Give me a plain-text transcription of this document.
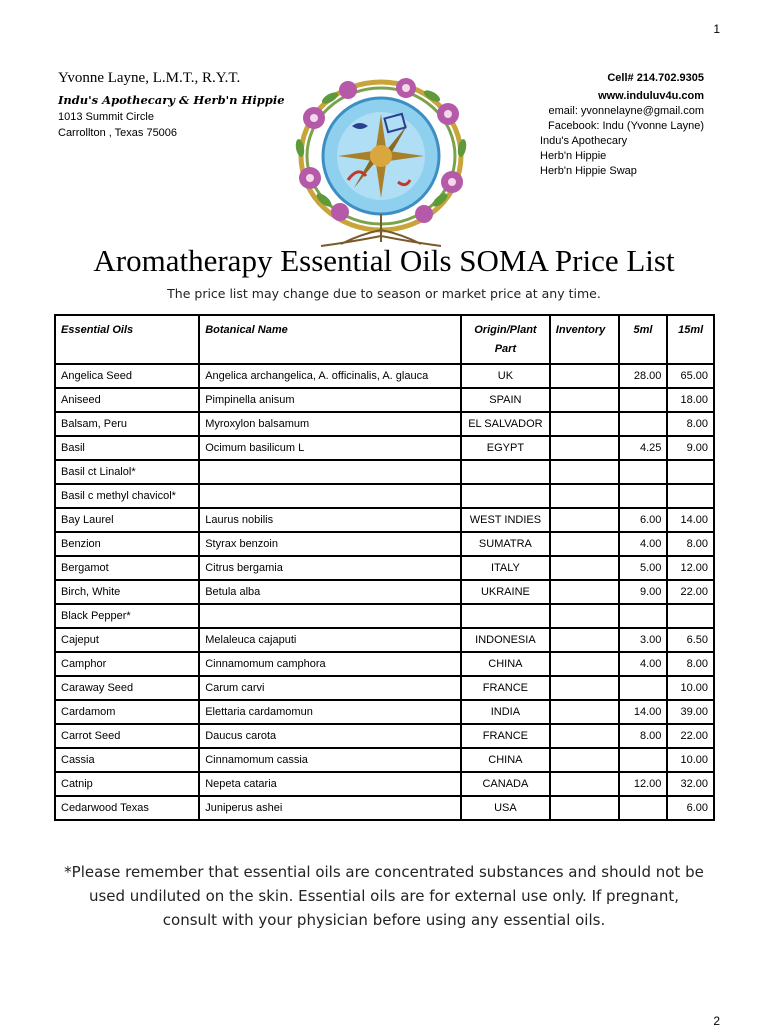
1
Yvonne Layne, L.M.T., R.Y.T.
Indu's Apothecary & Herb'n Hippie
1013 Summit Circle
Carrollton , Texas 75006
Cell# 214.702.9305
www.induluv4u.com
email: yvonnelayne@gmail.com
Facebook: Indu (Yvonne Layne)
Indu's Apothecary
Herb'n Hippie
Herb'n Hippie Swap
Aromatherapy Essential Oils SOMA Price List
The price list may change due to season or market price at any time.
Essential Oils	Botanical Name	Origin/Plant Part	Inventory	5ml	15ml
Angelica Seed	Angelica archangelica, A. officinalis, A. glauca	UK		28.00	65.00
Aniseed	Pimpinella anisum	SPAIN			18.00
Balsam, Peru	Myroxylon balsamum	EL SALVADOR			8.00
Basil	Ocimum basilicum L	EGYPT		4.25	9.00
Basil ct Linalol*					
Basil c methyl chavicol*					
Bay Laurel	Laurus nobilis	WEST INDIES		6.00	14.00
Benzion	Styrax benzoin	SUMATRA		4.00	8.00
Bergamot	Citrus bergamia	ITALY		5.00	12.00
Birch, White	Betula alba	UKRAINE		9.00	22.00
Black Pepper*					
Cajeput	Melaleuca cajaputi	INDONESIA		3.00	6.50
Camphor	Cinnamomum camphora	CHINA		4.00	8.00
Caraway Seed	Carum carvi	FRANCE			10.00
Cardamom	Elettaria cardamomun	INDIA		14.00	39.00
Carrot Seed	Daucus carota	FRANCE		8.00	22.00
Cassia	Cinnamomum cassia	CHINA			10.00
Catnip	Nepeta cataria	CANADA		12.00	32.00
Cedarwood Texas	Juniperus ashei	USA			6.00
*Please remember that essential oils are concentrated substances and should not be used undiluted on the skin. Essential oils are for external use only. If pregnant, consult with your physician before using any essential oils.
2
